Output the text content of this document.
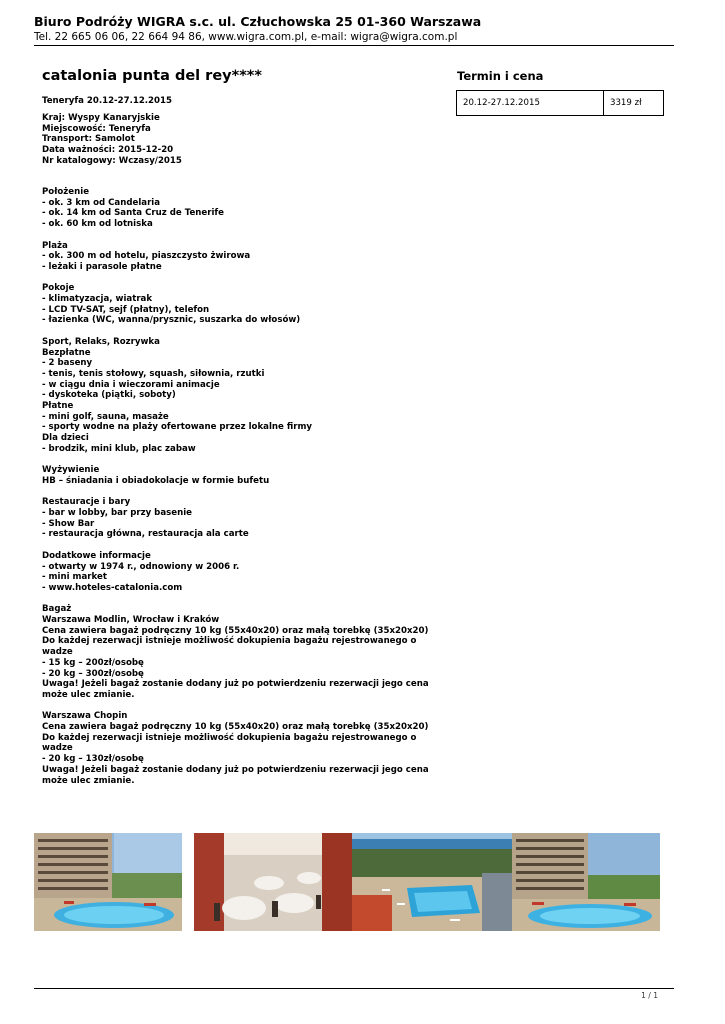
Biuro Podróży WIGRA s.c. ul. Człuchowska 25 01-360 Warszawa
Tel. 22 665 06 06, 22 664 94 86, www.wigra.com.pl, e-mail: wigra@wigra.com.pl
catalonia punta del rey****
Teneryfa 20.12-27.12.2015
Kraj: Wyspy Kanaryjskie
Miejscowość: Teneryfa
Transport: Samolot
Data ważności: 2015-12-20
Nr katalogowy: Wczasy/2015
Położenie
- ok. 3 km od Candelaria
- ok. 14 km od Santa Cruz de Tenerife
- ok. 60 km od lotniska
Plaża
- ok. 300 m od hotelu, piaszczysto żwirowa
- leżaki i parasole płatne
Pokoje
- klimatyzacja, wiatrak
- LCD TV-SAT, sejf (płatny), telefon
- łazienka (WC, wanna/prysznic, suszarka do włosów)
Sport, Relaks, Rozrywka
Bezpłatne
- 2 baseny
- tenis, tenis stołowy, squash, siłownia, rzutki
- w ciągu dnia i wieczorami animacje
- dyskoteka (piątki, soboty)
Płatne
- mini golf, sauna, masaże
- sporty wodne na plaży ofertowane przez lokalne firmy
Dla dzieci
- brodzik, mini klub, plac zabaw
Wyżywienie
HB – śniadania i obiadokolacje w formie bufetu
Restauracje i bary
- bar w lobby, bar przy basenie
- Show Bar
- restauracja główna, restauracja ala carte
Dodatkowe informacje
- otwarty w 1974 r., odnowiony w 2006 r.
- mini market
- www.hoteles-catalonia.com
Bagaż
Warszawa Modlin, Wrocław i Kraków
Cena zawiera bagaż podręczny 10 kg (55x40x20) oraz małą torebkę (35x20x20)
Do każdej rezerwacji istnieje możliwość dokupienia bagażu rejestrowanego o
wadze
- 15 kg – 200zł/osobę
- 20 kg – 300zł/osobę
Uwaga! Jeżeli bagaż zostanie dodany już po potwierdzeniu rezerwacji jego cena
może ulec zmianie.
Warszawa Chopin
Cena zawiera bagaż podręczny 10 kg (55x40x20) oraz małą torebkę (35x20x20)
Do każdej rezerwacji istnieje możliwość dokupienia bagażu rejestrowanego o
wadze
- 20 kg – 130zł/osobę
Uwaga! Jeżeli bagaż zostanie dodany już po potwierdzeniu rezerwacji jego cena
może ulec zmianie.
Termin i cena
20.12-27.12.2015	3319 zł
1 / 1
